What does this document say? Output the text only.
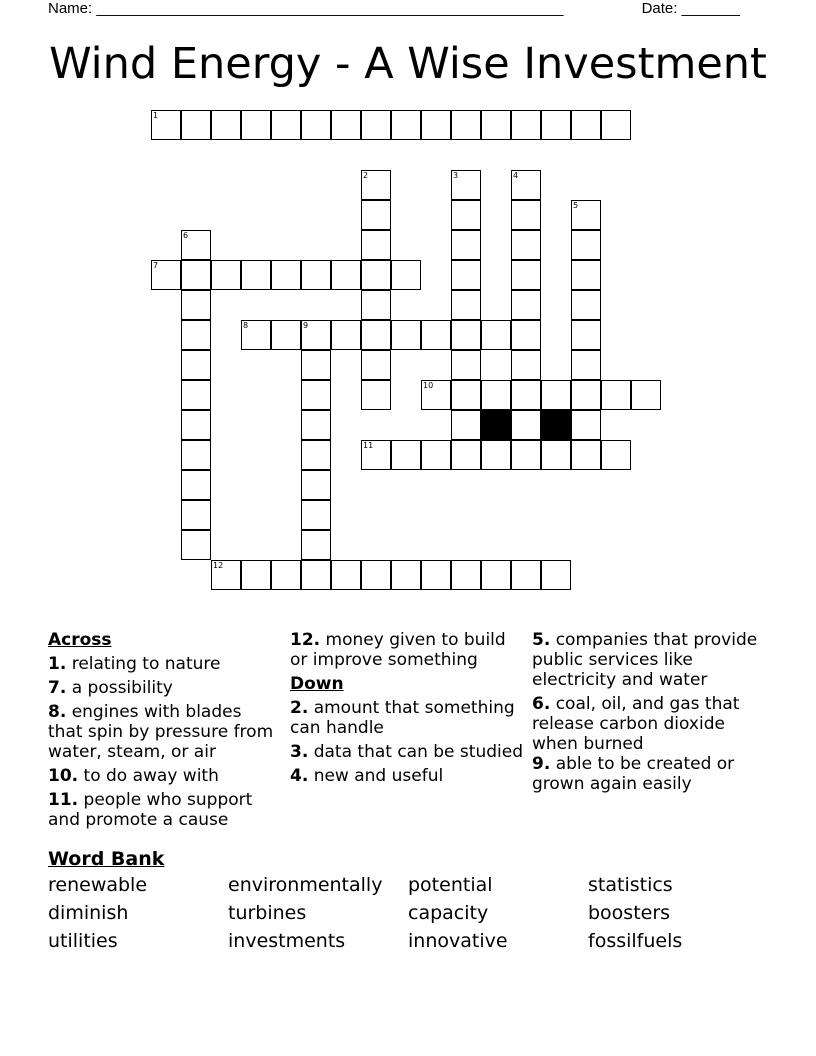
Name: ________________________________________________________	Date: _______
Wind Energy - A Wise Investment
1
7
8	9
10
11
12
2	3	4
5
6
Across
1. relating to nature
7. a possibility
8. engines with blades that spin by pressure from water, steam, or air
10. to do away with
11. people who support and promote a cause
12. money given to build or improve something
Down
2. amount that something can handle
3. data that can be studied
4. new and useful
5. companies that provide public services like electricity and water
6. coal, oil, and gas that release carbon dioxide when burned
9. able to be created or grown again easily
Word Bank
renewable	environmentally	potential	statistics
diminish	turbines	capacity	boosters
utilities	investments	innovative	fossilfuels
